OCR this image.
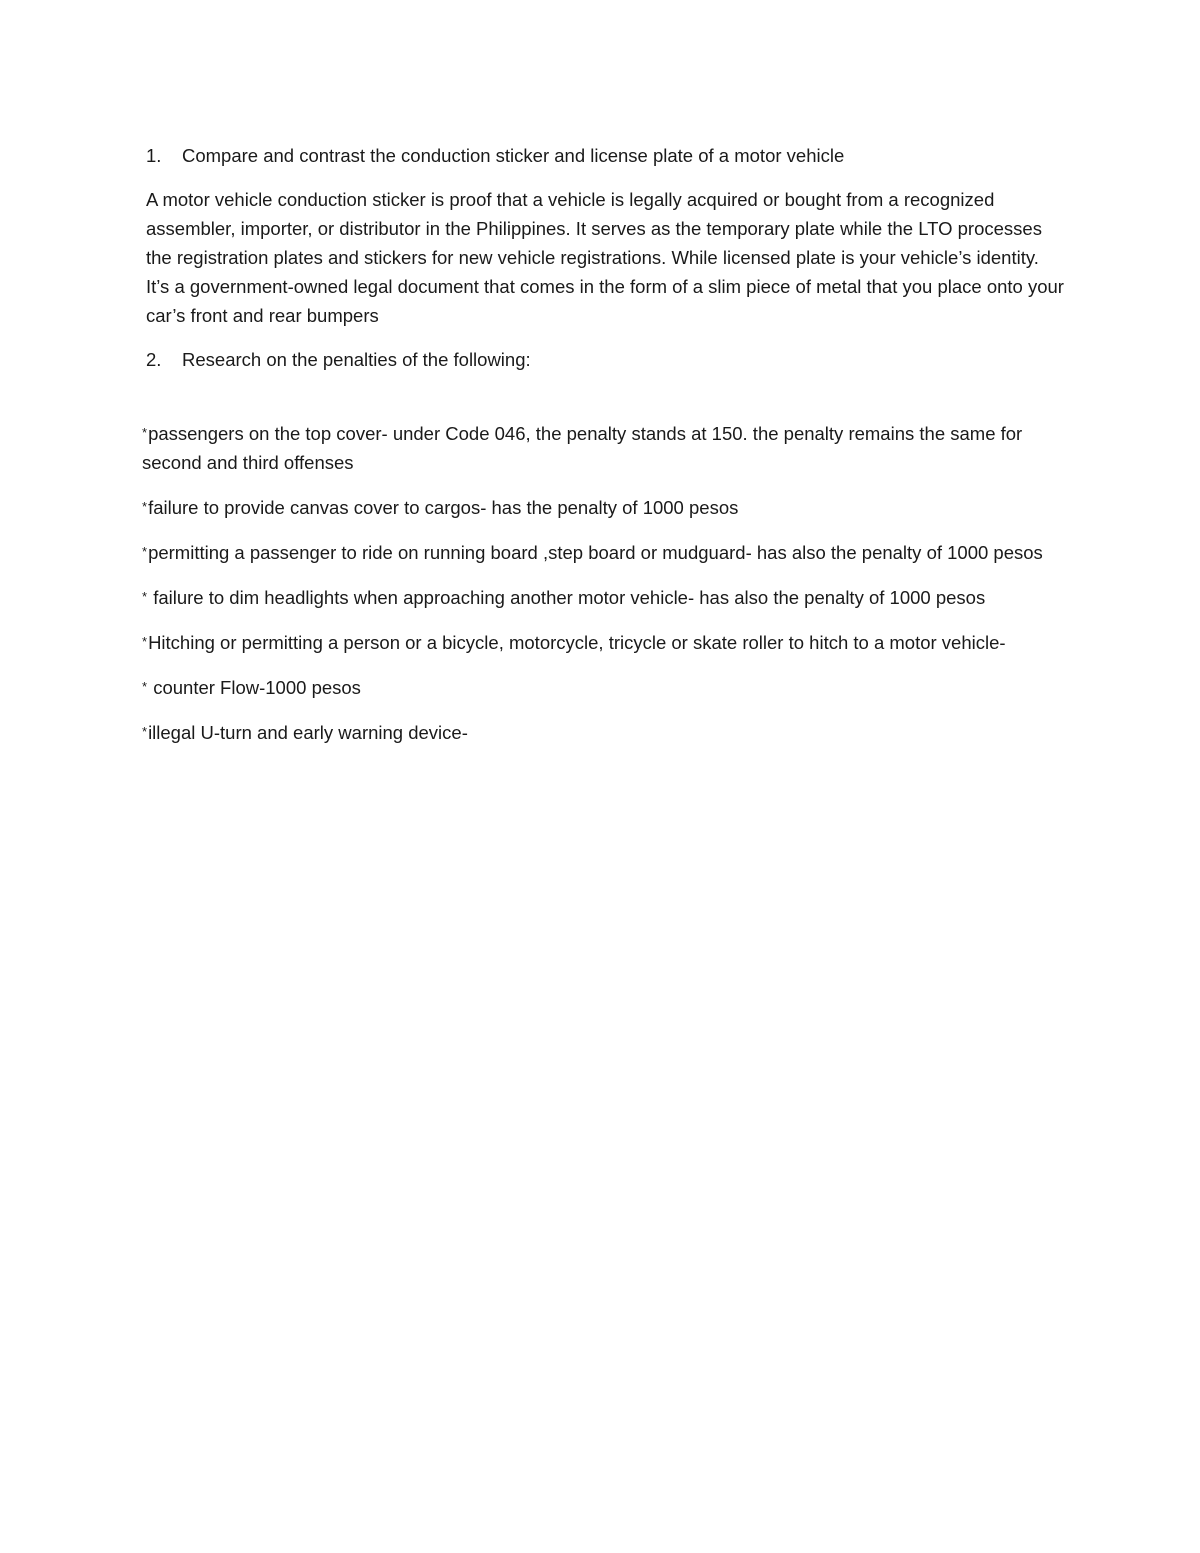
1.	Compare and contrast the conduction sticker and license plate of a motor vehicle

A motor vehicle conduction sticker is proof that a vehicle is legally acquired or bought from a recognized assembler, importer, or distributor in the Philippines. It serves as the temporary plate while the LTO processes the registration plates and stickers for new vehicle registrations. While licensed plate is your vehicle’s identity. It’s a government-owned legal document that comes in the form of a slim piece of metal that you place onto your car’s front and rear bumpers

2.	Research on the penalties of the following:

*passengers on the top cover- under Code 046, the penalty stands at 150. the penalty remains the same for second and third offenses

*failure to provide canvas cover to cargos- has the penalty of 1000 pesos

*permitting a passenger to ride on running board ,step board or mudguard- has also the penalty of 1000 pesos

* failure to dim headlights when approaching another motor vehicle- has also the penalty of 1000 pesos

*Hitching or permitting a person or a bicycle, motorcycle, tricycle or skate roller to hitch to a motor vehicle-

* counter Flow-1000 pesos

*illegal U-turn and early warning device-
